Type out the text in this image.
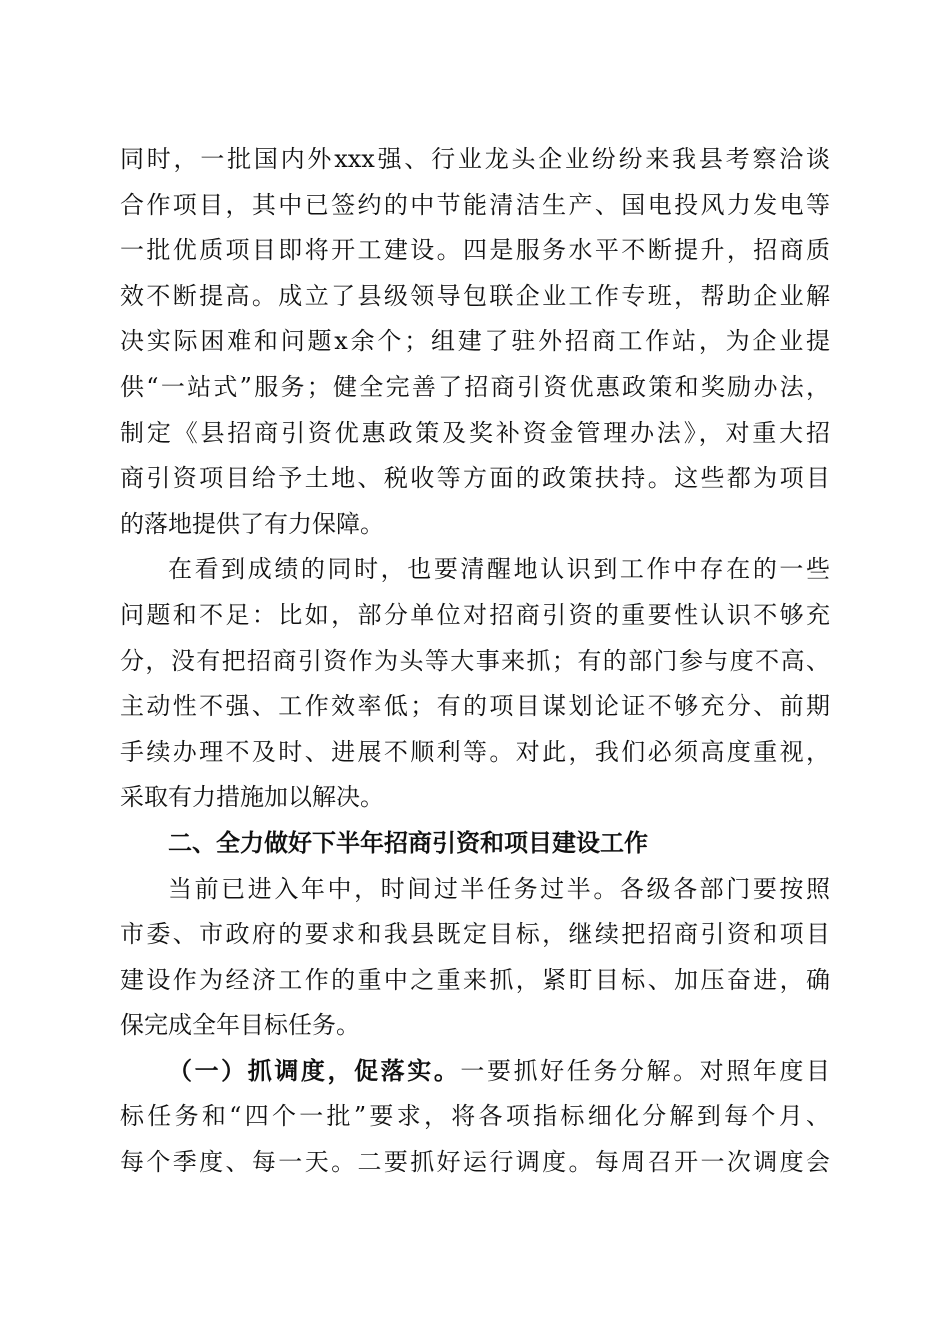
同时，一批国内外xxx强、行业龙头企业纷纷来我县考察洽谈
合作项目，其中已签约的中节能清洁生产、国电投风力发电等
一批优质项目即将开工建设。四是服务水平不断提升，招商质
效不断提高。成立了县级领导包联企业工作专班，帮助企业解
决实际困难和问题x余个；组建了驻外招商工作站，为企业提
供“一站式”服务；健全完善了招商引资优惠政策和奖励办法，
制定《县招商引资优惠政策及奖补资金管理办法》，对重大招
商引资项目给予土地、税收等方面的政策扶持。这些都为项目
的落地提供了有力保障。
在看到成绩的同时，也要清醒地认识到工作中存在的一些
问题和不足：比如，部分单位对招商引资的重要性认识不够充
分，没有把招商引资作为头等大事来抓；有的部门参与度不高、
主动性不强、工作效率低；有的项目谋划论证不够充分、前期
手续办理不及时、进展不顺利等。对此，我们必须高度重视，
采取有力措施加以解决。
二、全力做好下半年招商引资和项目建设工作
当前已进入年中，时间过半任务过半。各级各部门要按照
市委、市政府的要求和我县既定目标，继续把招商引资和项目
建设作为经济工作的重中之重来抓，紧盯目标、加压奋进，确
保完成全年目标任务。
（一）抓调度，促落实。一要抓好任务分解。对照年度目
标任务和“四个一批”要求，将各项指标细化分解到每个月、
每个季度、每一天。二要抓好运行调度。每周召开一次调度会
